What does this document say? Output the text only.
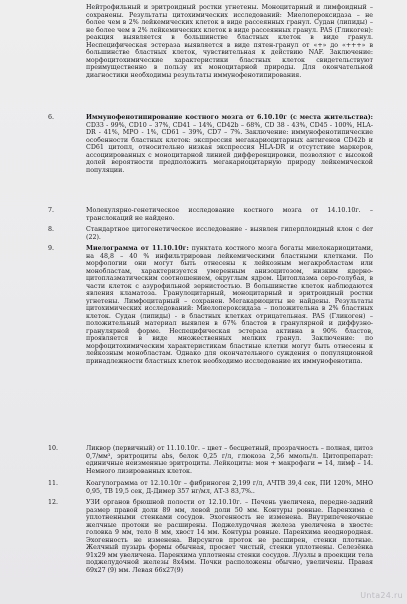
Нейтрофильный и эритроидный ростки угнетены. Моноцитарный и лимфоидный – сохранены. Результаты цитохимических исследований: Миелопероксидаза – не более чем в 2% лейкемических клеток в виде рассеянных гранул. Судан (липиды) – не более чем в 2% лейкемических клеток в виде рассеянных гранул. PAS (Гликоген): реакция выявляется в большинстве бластных клеток в виде гранул. Неспецифическая эстераза выявляется в виде пятен-гранул от «+» до «+++» в большинстве бластных клеток, чувствительная к действию NAF. Заключение: морфоцитохимические характеристики бластных клеток свидетельствуют преимущественно в пользу их моноцитарной природы. Для окончательной диагностики необходимы результаты иммунофенотипирования.
6.	Иммунофенотипирование костного мозга от 6.10.10г (с места жительства): CD33 - 99%, CD10 – 37%, CD41 – 14%, CD42b – 68%, CD 38 - 43%, CD45 - 100%, HLA-DR - 41%, MPO - 1%, CD61 – 39%, CD7 – 7%. Заключение: иммунофенотипические особенности бластных клеток: экспрессия мегакариоцитарных антигенов CD42b и CD61 цитопл, относительно низкая экспрессия HLA-DR и отсутствие маркеров, ассоциированных с моноцитарной линией дифференцировки, позволяют с высокой долей вероятности предположить мегакариоцитарную природу лейкемической популяции.
7.	Молекулярно-генетическое исследование костного мозга от 14.10.10г. – транслокаций не найдено.
8.	Стандартное цитогенетическое исследование - выявлен гиперплоидный клон с der (22).
9.	Миелограмма от 11.10.10г: пунктата костного мозга богаты миелокариоцитами, на 48,8 – 40 % инфильтрирован лейкемическими бластными клетками. По морфологии они могут быть отнесены к лейкозным мегакробластам или монобластам, характеризуется умеренным анизоцитозом, низким ядерно-цитоплазматическим соотношением, округлым ядром. Цитоплазма серо-голубая, в части клеток с азурофильной зернистостью. В большинстве клеток наблюдаются явления кламатоза. Гранулоцитарный, моноцитарный и эритроидный ростки угнетены. Лимфоцитарный – сохранен. Мегакариоциты не найдены. Результаты цитохимических исследований: Миелопероксидаза – положительна в 2% бластных клеток. Судан (липиды) - в бластных клетках отрицательная. PAS (Гликоген) – положительный материал выявлен в 67% бластов в гранулярной и диффузно-гранулярной форме. Неспецифическая эстераза активна в 90% бластов, проявляется в виде множественных мелких гранул. Заключение: по морфоцитохимическим характеристикам бластные клетки могут быть отнесены к лейкозным монобластам. Однако для окончательного суждения о популяционной принадлежности бластных клеток необходимо исследование их иммунофенотипа.
10.	Ликвор (первичный) от 11.10.10г. – цвет – бесцветный, прозрачность – полная, цитоз 0,7/мм³, эритроциты abs, белок 0,25 г/л, глюкоза 2,56 ммоль/л. Цитопрепарат: единичные неизменные эритроциты. Лейкоциты: мон + макрофаги = 14, лимф – 14. Немного лизированных клеток.
11.	Коагулограмма от 12.10.10г – фибриноген 2,199 г/л, АЧТВ 39,4 сек, ПИ 120%, МНО 0,95, ТВ 19,5 сек, Д-Димер 357 нг/мл, АТ-3 83,7%..
12.	УЗИ органов брюшной полости от 12.10.10г. – Печень увеличена, передне-задний размер правой доли 89 мм, левой доли 50 мм. Контуры ровные. Паренхима с уплотненными стенками сосудов. Эхогенность не изменена. Внутрипеченочные желчные протоки не расширены. Поджелудочная железа увеличена в хвосте: головка 9 мм, тело 8 мм, хвост 14 мм. Контуры ровные. Паренхима неоднородная. Эхогенность не изменена. Вирсунгов проток не расширен, стенки плотные. Желчный пузырь формы обычная, просвет чистый, стенки уплотнены. Селезёнка 91х29 мм увеличена. Паренхима уплотнены стенки сосудов. Л/узлы в проекции тела поджелудочной железы 8х4мм. Почки расположены обычно, увеличены. Правая 69х27 (9) мм. Левая 66х27(9)
Unta24.ru
